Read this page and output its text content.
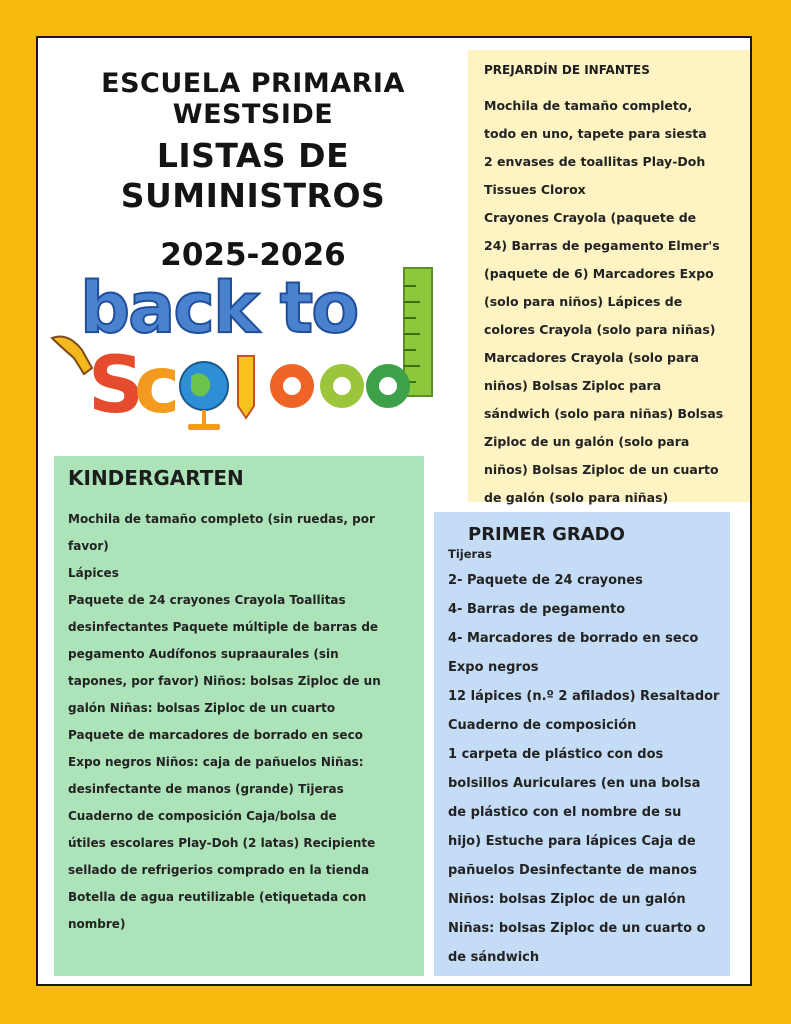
ESCUELA PRIMARIA
WESTSIDE
LISTAS DE SUMINISTROS
2025-2026
back to
S
c
school
PREJARDÍN DE INFANTES
Mochila de tamaño completo,
todo en uno, tapete para siesta
2 envases de toallitas Play-Doh
Tissues Clorox
Crayones Crayola (paquete de
24) Barras de pegamento Elmer's
(paquete de 6) Marcadores Expo
(solo para niños) Lápices de
colores Crayola (solo para niñas)
Marcadores Crayola (solo para
niños) Bolsas Ziploc para
sándwich (solo para niñas) Bolsas
Ziploc de un galón (solo para
niños) Bolsas Ziploc de un cuarto
de galón (solo para niñas)
KINDERGARTEN
Mochila de tamaño completo (sin ruedas, por
favor)
Lápices
Paquete de 24 crayones Crayola Toallitas
desinfectantes Paquete múltiple de barras de
pegamento Audífonos supraaurales (sin
tapones, por favor) Niños: bolsas Ziploc de un
galón Niñas: bolsas Ziploc de un cuarto
Paquete de marcadores de borrado en seco
Expo negros Niños: caja de pañuelos Niñas:
desinfectante de manos (grande) Tijeras
Cuaderno de composición Caja/bolsa de
útiles escolares Play-Doh (2 latas) Recipiente
sellado de refrigerios comprado en la tienda
Botella de agua reutilizable (etiquetada con
nombre)
PRIMER GRADO
Tijeras
2- Paquete de 24 crayones
4- Barras de pegamento
4- Marcadores de borrado en seco
Expo negros
12 lápices (n.º 2 afilados) Resaltador
Cuaderno de composición
1 carpeta de plástico con dos
bolsillos Auriculares (en una bolsa
de plástico con el nombre de su
hijo) Estuche para lápices Caja de
pañuelos Desinfectante de manos
Niños: bolsas Ziploc de un galón
Niñas: bolsas Ziploc de un cuarto o
de sándwich
